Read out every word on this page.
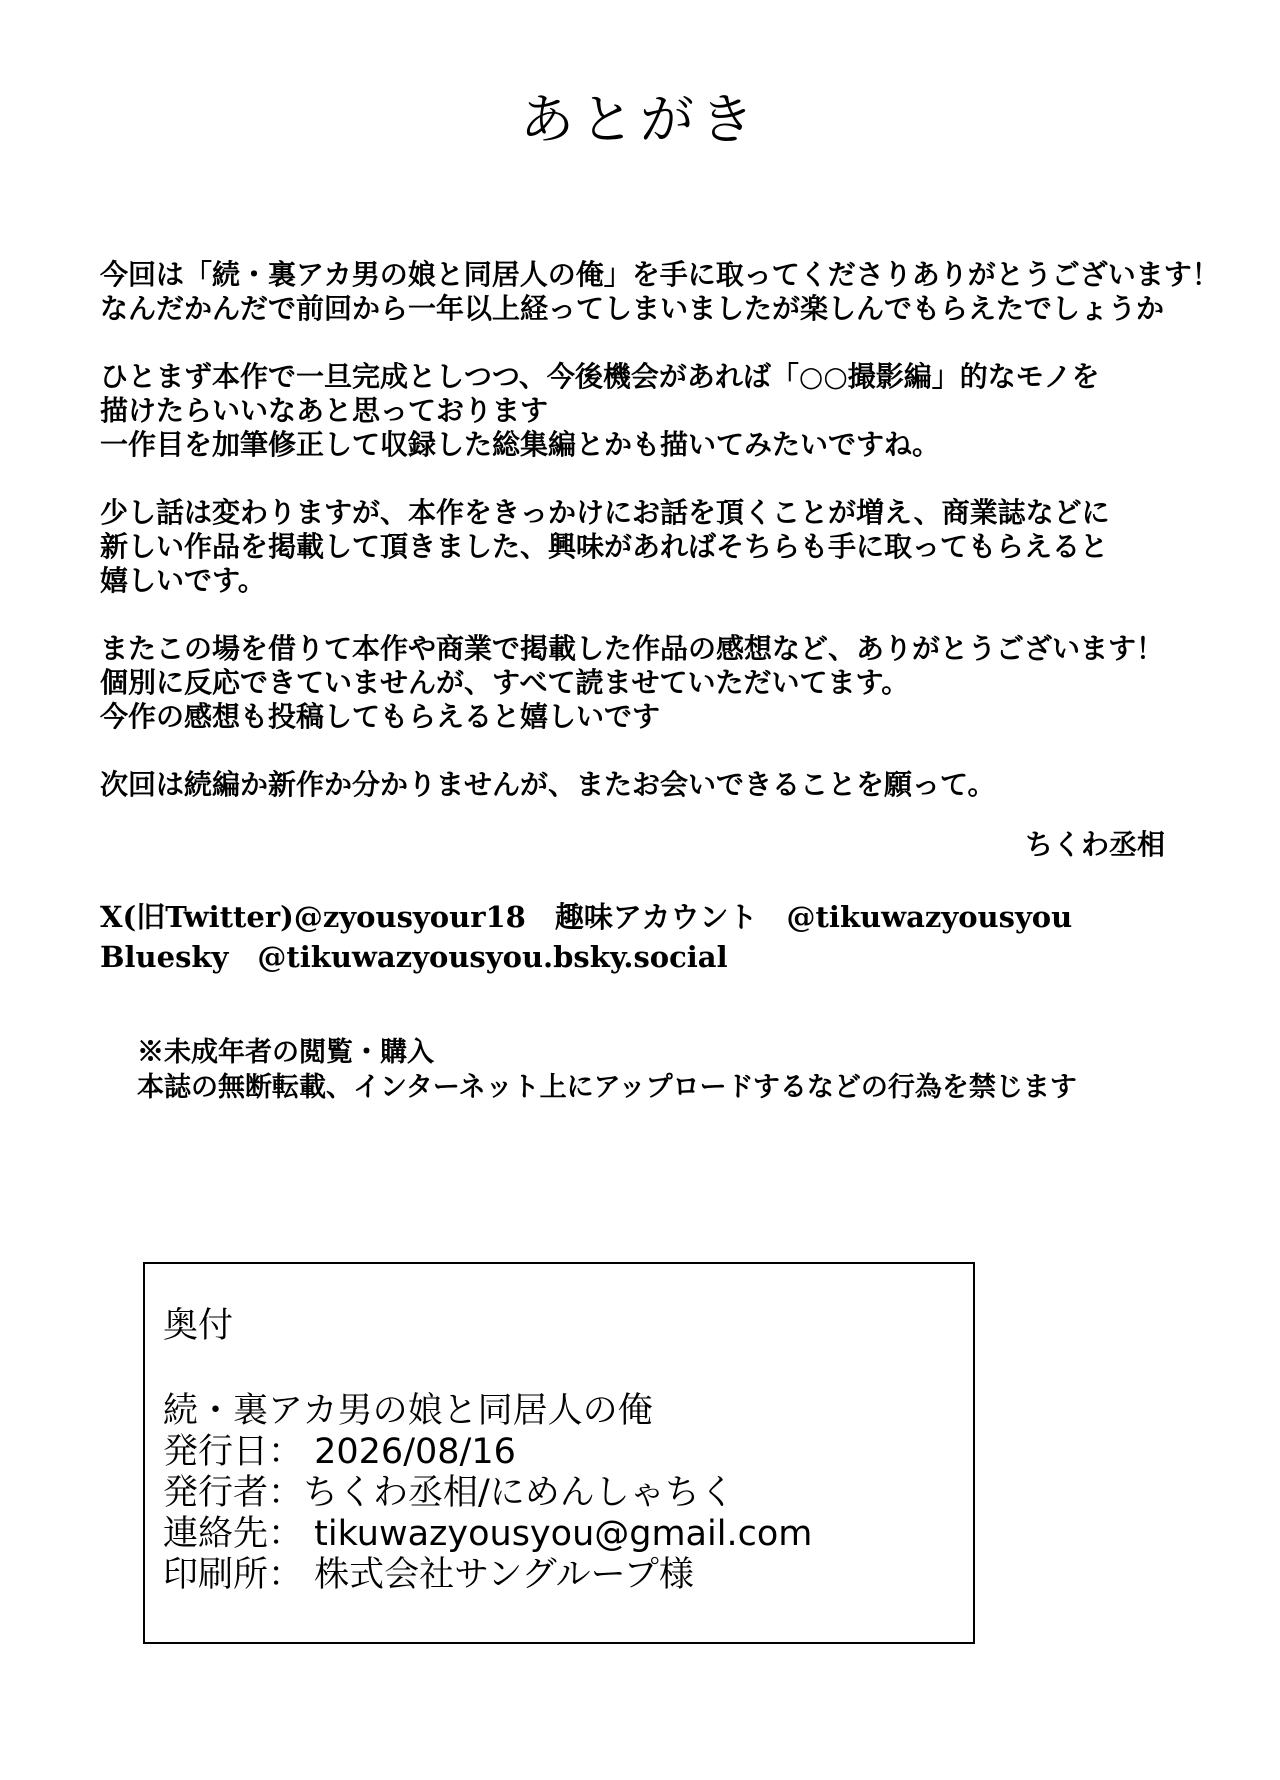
あとがき

今回は「続・裏アカ男の娘と同居人の俺」を手に取ってくださりありがとうございます！
なんだかんだで前回から一年以上経ってしまいましたが楽しんでもらえたでしょうか

ひとまず本作で一旦完成としつつ、今後機会があれば「○○撮影編」的なモノを
描けたらいいなあと思っております
一作目を加筆修正して収録した総集編とかも描いてみたいですね。

少し話は変わりますが、本作をきっかけにお話を頂くことが増え、商業誌などに
新しい作品を掲載して頂きました、興味があればそちらも手に取ってもらえると
嬉しいです。

またこの場を借りて本作や商業で掲載した作品の感想など、ありがとうございます！
個別に反応できていませんが、すべて読ませていただいてます。
今作の感想も投稿してもらえると嬉しいです

次回は続編か新作か分かりませんが、またお会いできることを願って。

ちくわ丞相
X(旧Twitter)@zyousyour18　趣味アカウント　@tikuwazyousyou
Bluesky　@tikuwazyousyou.bsky.social
※未成年者の閲覧・購入
本誌の無断転載、インターネット上にアップロードするなどの行為を禁じます
奥付
続・裏アカ男の娘と同居人の俺
発行日： 2026/08/16
発行者：ちくわ丞相/にめんしゃちく
連絡先： tikuwazyousyou@gmail.com
印刷所： 株式会社サングループ様
